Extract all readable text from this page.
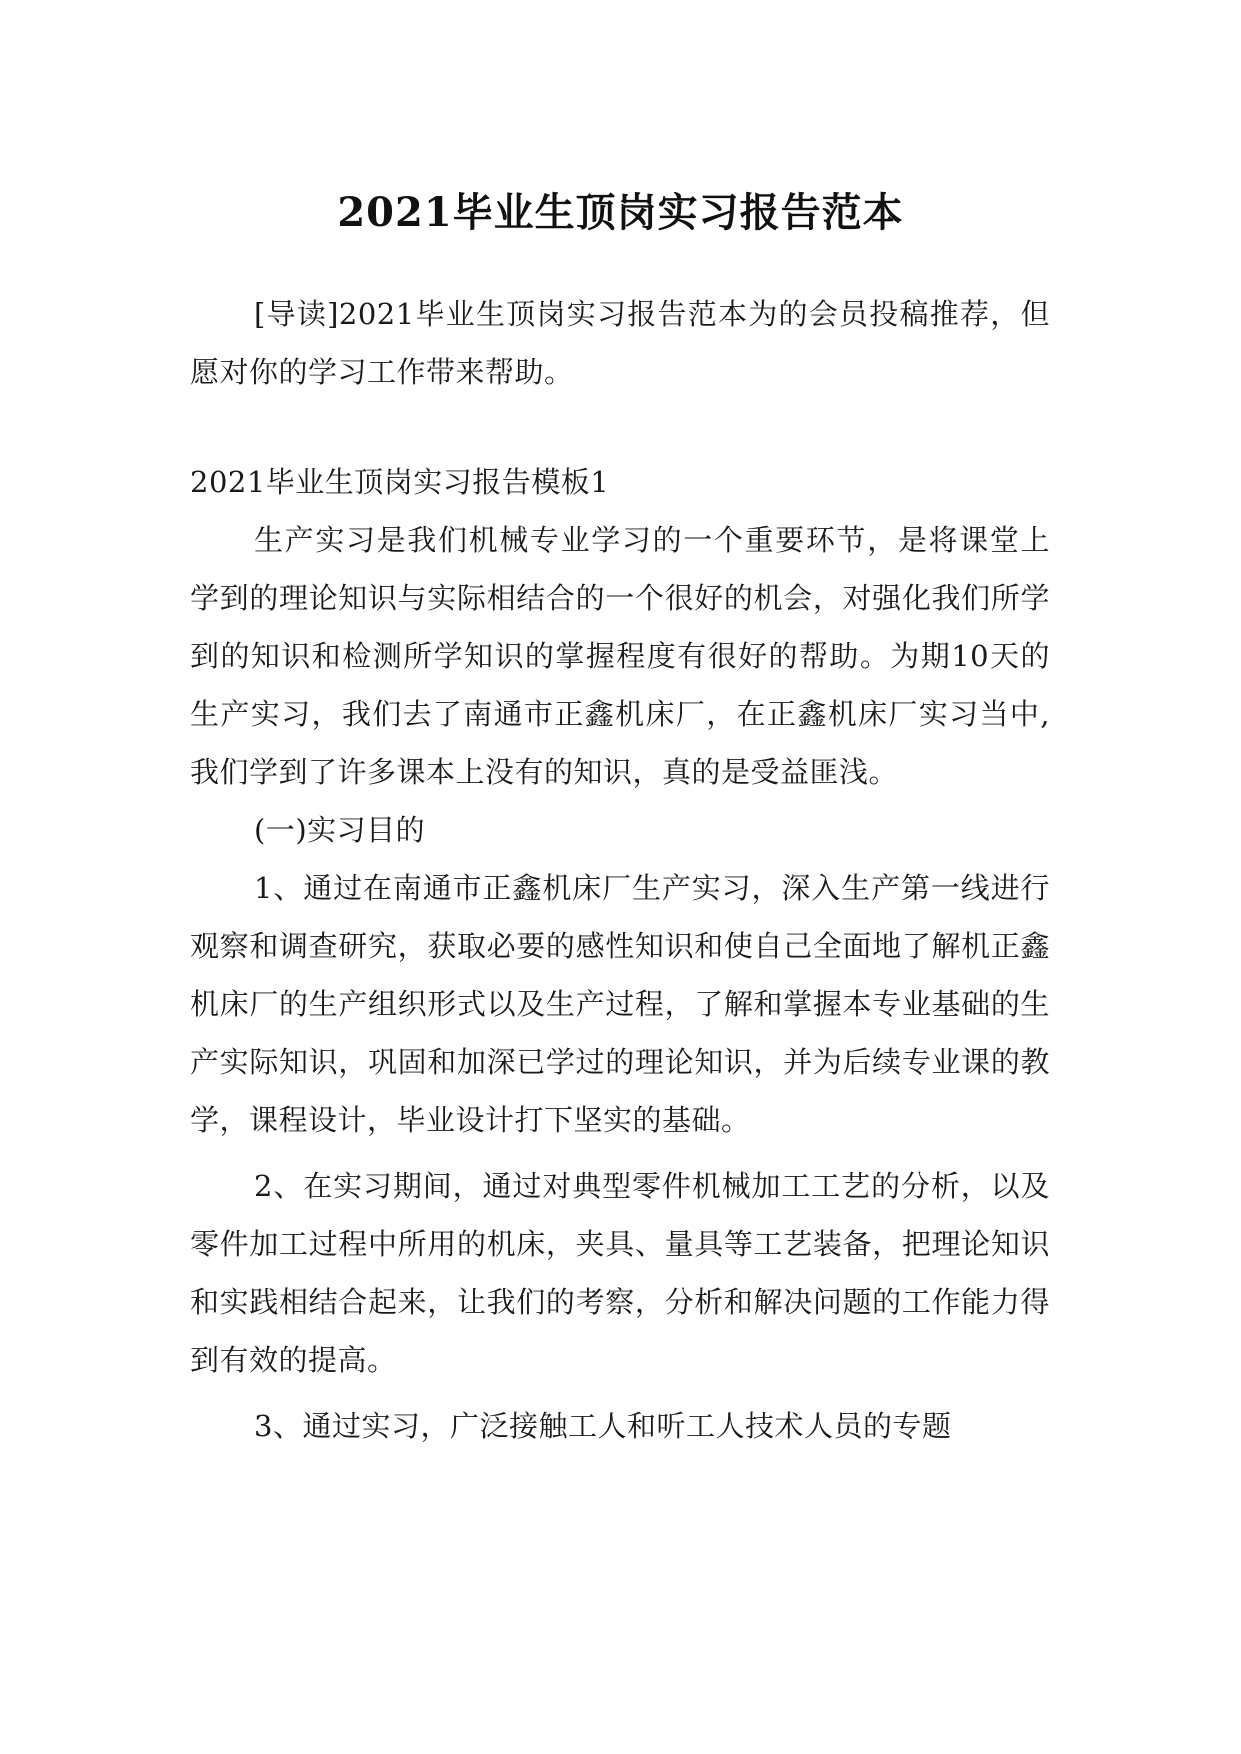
2021毕业生顶岗实习报告范本

[导读]2021毕业生顶岗实习报告范本为的会员投稿推荐，但愿对你的学习工作带来帮助。

2021毕业生顶岗实习报告模板1

生产实习是我们机械专业学习的一个重要环节，是将课堂上学到的理论知识与实际相结合的一个很好的机会，对强化我们所学到的知识和检测所学知识的掌握程度有很好的帮助。为期10天的生产实习，我们去了南通市正鑫机床厂，在正鑫机床厂实习当中,我们学到了许多课本上没有的知识，真的是受益匪浅。

(一)实习目的

1、通过在南通市正鑫机床厂生产实习，深入生产第一线进行观察和调查研究，获取必要的感性知识和使自己全面地了解机正鑫机床厂的生产组织形式以及生产过程，了解和掌握本专业基础的生产实际知识，巩固和加深已学过的理论知识，并为后续专业课的教学，课程设计，毕业设计打下坚实的基础。

2、在实习期间，通过对典型零件机械加工工艺的分析，以及零件加工过程中所用的机床，夹具、量具等工艺装备，把理论知识和实践相结合起来，让我们的考察，分析和解决问题的工作能力得到有效的提高。

3、通过实习，广泛接触工人和听工人技术人员的专题
